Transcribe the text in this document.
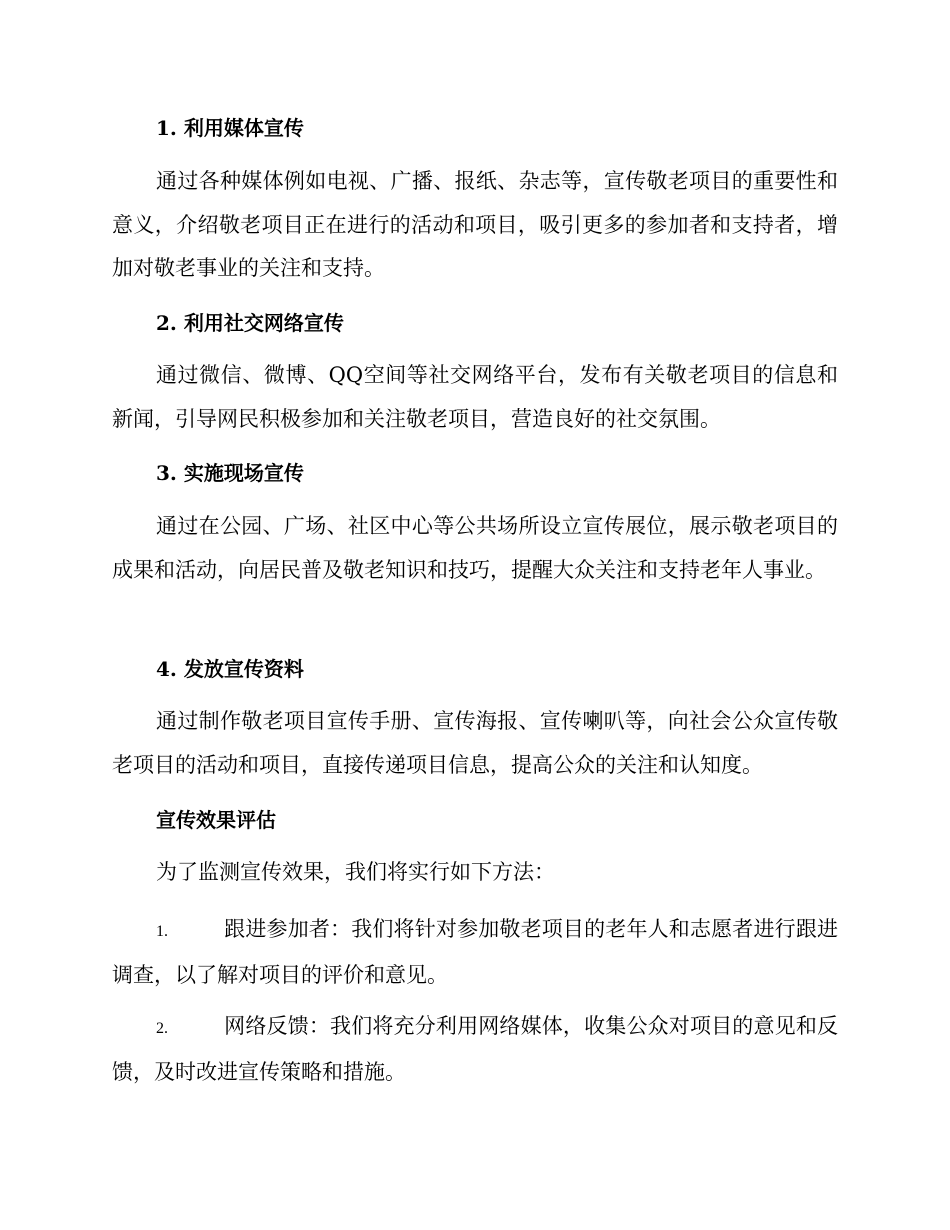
1. 利用媒体宣传

通过各种媒体例如电视、广播、报纸、杂志等，宣传敬老项目的重要性和意义，介绍敬老项目正在进行的活动和项目，吸引更多的参加者和支持者，增加对敬老事业的关注和支持。

2. 利用社交网络宣传

通过微信、微博、QQ空间等社交网络平台，发布有关敬老项目的信息和新闻，引导网民积极参加和关注敬老项目，营造良好的社交氛围。

3. 实施现场宣传

通过在公园、广场、社区中心等公共场所设立宣传展位，展示敬老项目的成果和活动，向居民普及敬老知识和技巧，提醒大众关注和支持老年人事业。

4. 发放宣传资料

通过制作敬老项目宣传手册、宣传海报、宣传喇叭等，向社会公众宣传敬老项目的活动和项目，直接传递项目信息，提高公众的关注和认知度。

宣传效果评估

为了监测宣传效果，我们将实行如下方法：

1.	跟进参加者：我们将针对参加敬老项目的老年人和志愿者进行跟进调查，以了解对项目的评价和意见。
2.	网络反馈：我们将充分利用网络媒体，收集公众对项目的意见和反馈，及时改进宣传策略和措施。
